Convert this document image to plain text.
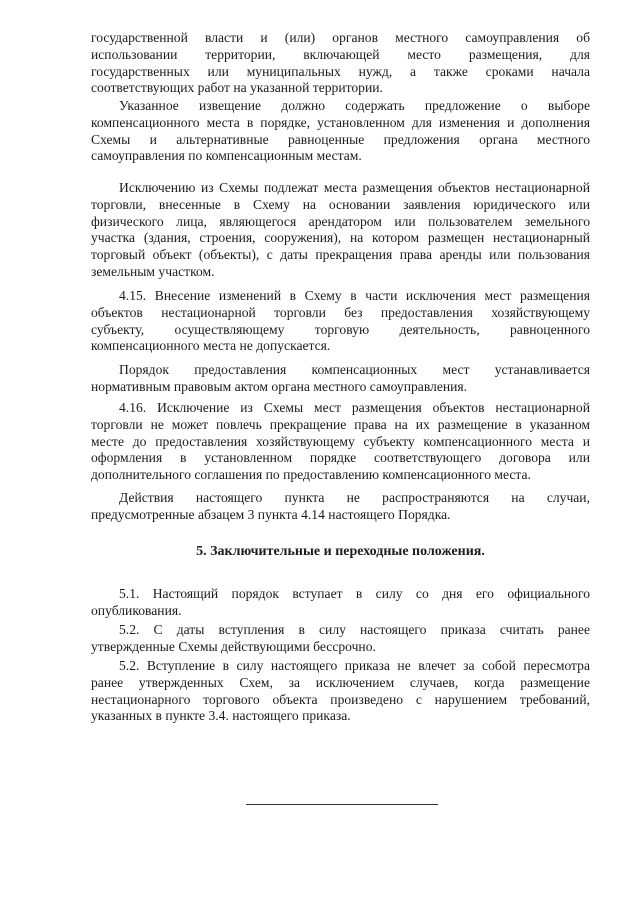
государственной власти и (или) органов местного самоуправления об
использовании территории, включающей место размещения, для
государственных или муниципальных нужд, а также сроками начала
соответствующих работ на указанной территории.
Указанное извещение должно содержать предложение о выборе
компенсационного места в порядке, установленном для изменения и дополнения
Схемы и альтернативные равноценные предложения органа местного
самоуправления по компенсационным местам.
Исключению из Схемы подлежат места размещения объектов нестационарной
торговли, внесенные в Схему на основании заявления юридического или
физического лица, являющегося арендатором или пользователем земельного
участка (здания, строения, сооружения), на котором размещен нестационарный
торговый объект (объекты), с даты прекращения права аренды или пользования
земельным участком.
4.15. Внесение изменений в Схему в части исключения мест размещения
объектов нестационарной торговли без предоставления хозяйствующему
субъекту, осуществляющему торговую деятельность, равноценного
компенсационного места не допускается.
Порядок предоставления компенсационных мест устанавливается
нормативным правовым актом органа местного самоуправления.
4.16. Исключение из Схемы мест размещения объектов нестационарной
торговли не может повлечь прекращение права на их размещение в указанном
месте до предоставления хозяйствующему субъекту компенсационного места и
оформления в установленном порядке соответствующего договора или
дополнительного соглашения по предоставлению компенсационного места.
Действия настоящего пункта не распространяются на случаи,
предусмотренные абзацем 3 пункта 4.14 настоящего Порядка.
5. Заключительные и переходные положения.
5.1. Настоящий порядок вступает в силу со дня его официального
опубликования.
5.2. С даты вступления в силу настоящего приказа считать ранее
утвержденные Схемы действующими бессрочно.
5.2. Вступление в силу настоящего приказа не влечет за собой пересмотра
ранее утвержденных Схем, за исключением случаев, когда размещение
нестационарного торгового объекта произведено с нарушением требований,
указанных в пункте 3.4. настоящего приказа.
